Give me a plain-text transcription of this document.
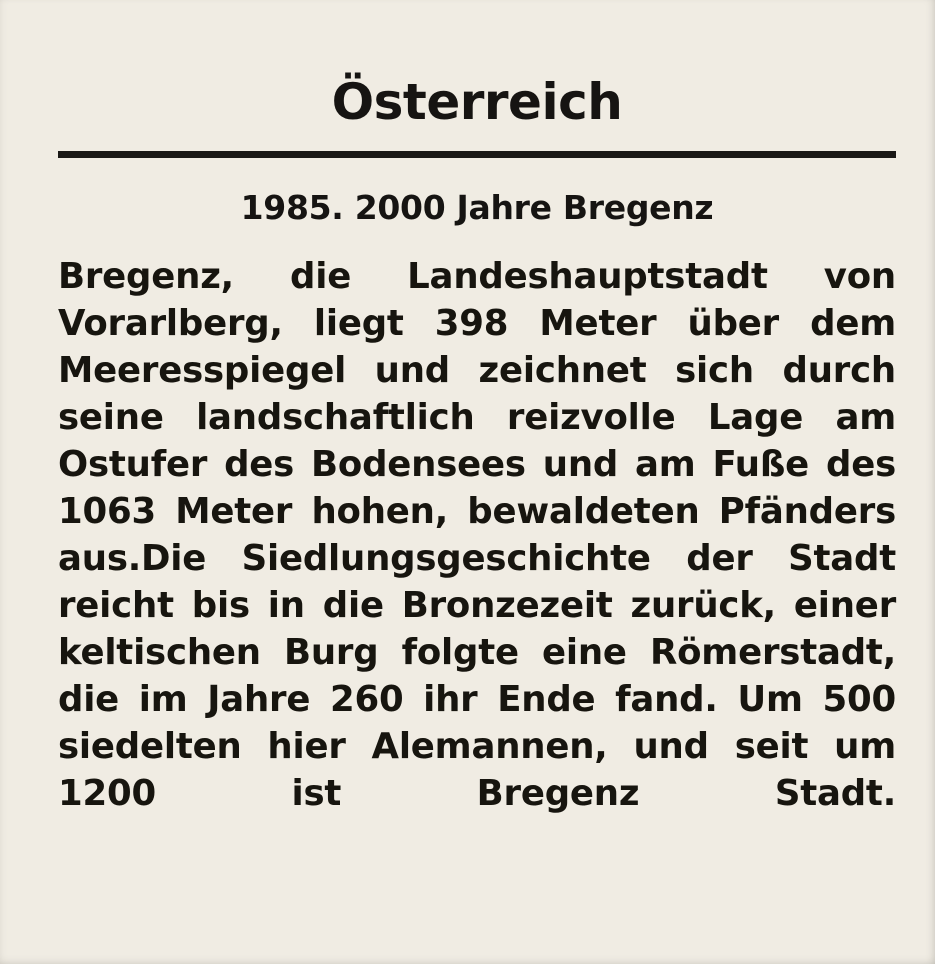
Österreich
1985. 2000 Jahre Bregenz

Bregenz, die Landeshauptstadt von Vorarlberg, liegt 398 Meter über dem Meeresspiegel und zeichnet sich durch seine landschaftlich reizvolle Lage am Ostufer des Bodensees und am Fuße des 1063 Meter hohen, bewaldeten Pfänders aus.Die Siedlungsgeschichte der Stadt reicht bis in die Bronzezeit zurück, einer keltischen Burg folgte eine Römerstadt, die im Jahre 260 ihr Ende fand. Um 500 siedelten hier Alemannen, und seit um 1200 ist Bregenz Stadt.
